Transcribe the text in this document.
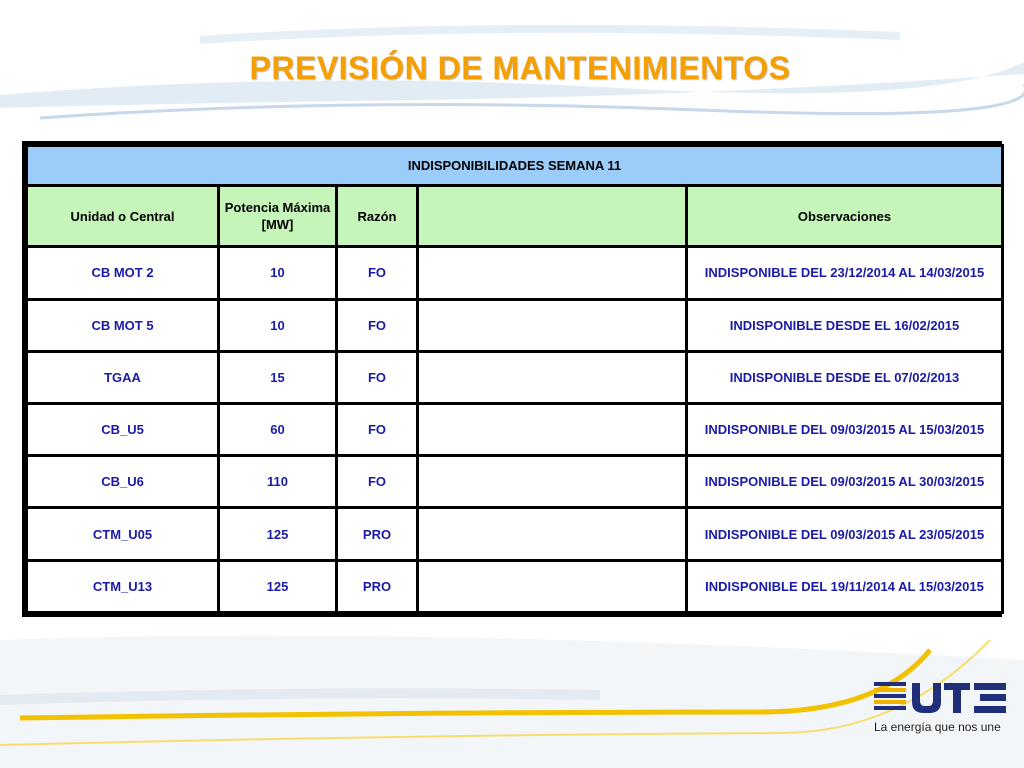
PREVISIÓN DE MANTENIMIENTOS
INDISPONIBILIDADES SEMANA 11				
Unidad o Central	Potencia Máxima [MW]	Razón		Observaciones
CB MOT 2	10	FO		INDISPONIBLE DEL 23/12/2014 AL 14/03/2015
CB MOT 5	10	FO		INDISPONIBLE DESDE EL 16/02/2015
TGAA	15	FO		INDISPONIBLE DESDE EL 07/02/2013
CB_U5	60	FO		INDISPONIBLE DEL 09/03/2015 AL 15/03/2015
CB_U6	110	FO		INDISPONIBLE DEL 09/03/2015 AL 30/03/2015
CTM_U05	125	PRO		INDISPONIBLE DEL 09/03/2015 AL 23/05/2015
CTM_U13	125	PRO		INDISPONIBLE DEL 19/11/2014 AL 15/03/2015
La energía que nos une
